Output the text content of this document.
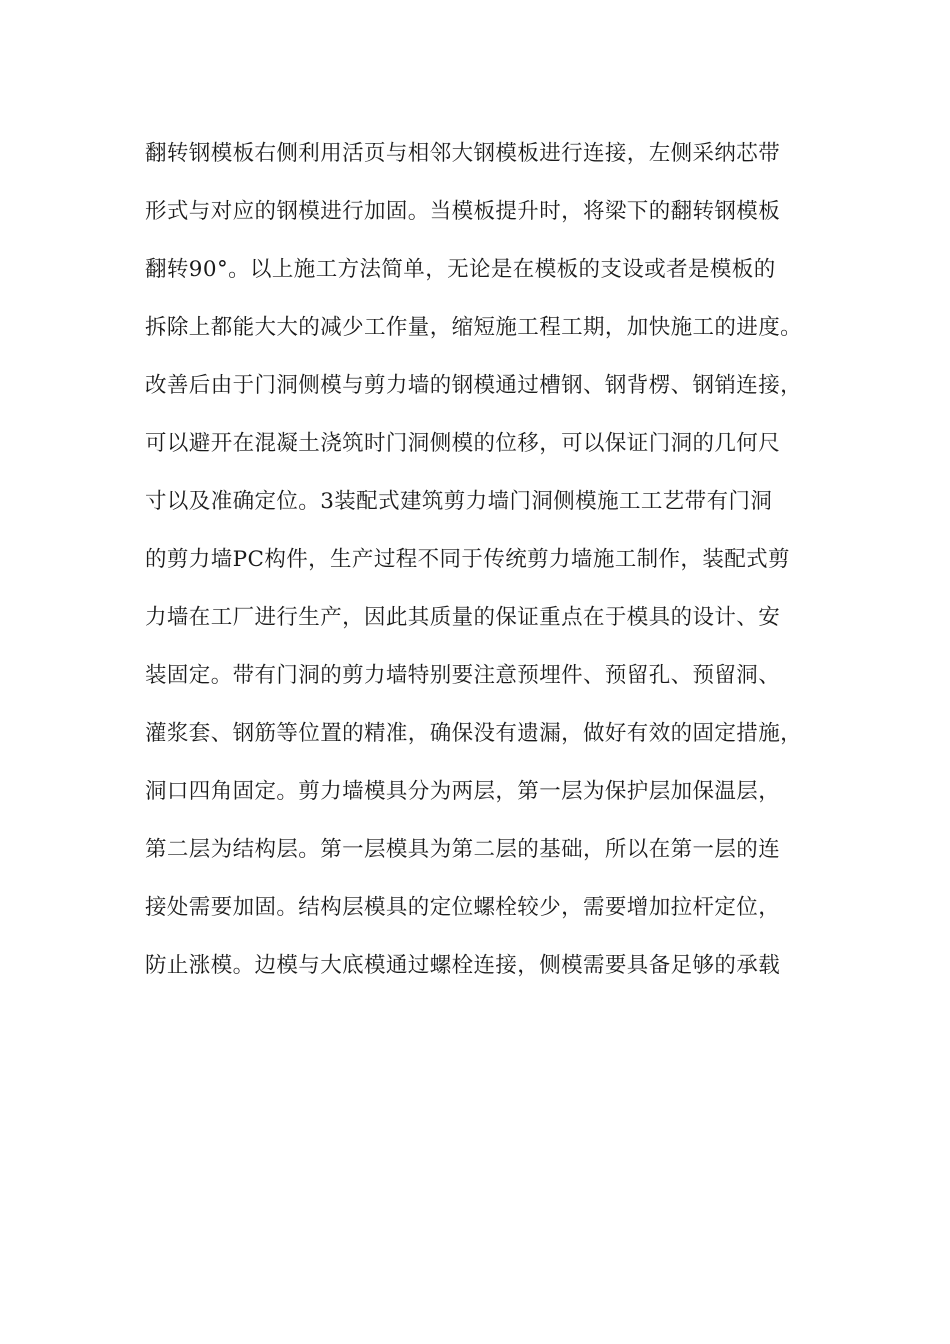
翻转钢模板右侧利用活页与相邻大钢模板进行连接，左侧采纳芯带
形式与对应的钢模进行加固。当模板提升时，将梁下的翻转钢模板
翻转90°。以上施工方法简单，无论是在模板的支设或者是模板的
拆除上都能大大的减少工作量，缩短施工程工期，加快施工的进度。
改善后由于门洞侧模与剪力墙的钢模通过槽钢、钢背楞、钢销连接，
可以避开在混凝土浇筑时门洞侧模的位移，可以保证门洞的几何尺
寸以及准确定位。3装配式建筑剪力墙门洞侧模施工工艺带有门洞
的剪力墙PC构件，生产过程不同于传统剪力墙施工制作，装配式剪
力墙在工厂进行生产，因此其质量的保证重点在于模具的设计、安
装固定。带有门洞的剪力墙特别要注意预埋件、预留孔、预留洞、
灌浆套、钢筋等位置的精准，确保没有遗漏，做好有效的固定措施，
洞口四角固定。剪力墙模具分为两层，第一层为保护层加保温层，
第二层为结构层。第一层模具为第二层的基础，所以在第一层的连
接处需要加固。结构层模具的定位螺栓较少，需要增加拉杆定位，
防止涨模。边模与大底模通过螺栓连接，侧模需要具备足够的承载
